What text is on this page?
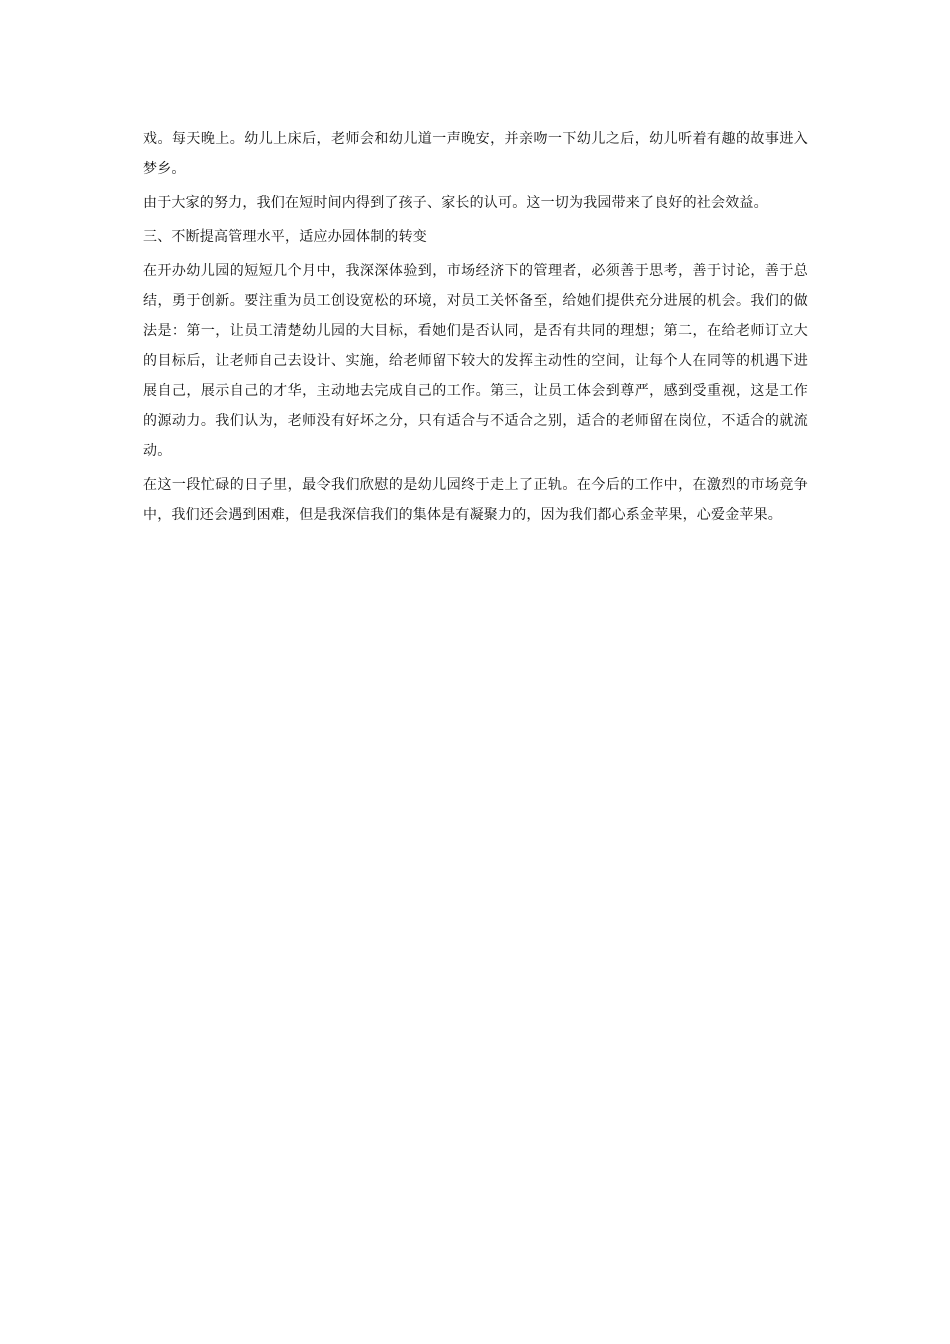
戏。每天晚上。幼儿上床后，老师会和幼儿道一声晚安，并亲吻一下幼儿之后，幼儿听着有趣的故事进入梦乡。

由于大家的努力，我们在短时间内得到了孩子、家长的认可。这一切为我园带来了良好的社会效益。

三、不断提高管理水平，适应办园体制的转变

在开办幼儿园的短短几个月中，我深深体验到，市场经济下的管理者，必须善于思考，善于讨论，善于总结，勇于创新。要注重为员工创设宽松的环境，对员工关怀备至，给她们提供充分进展的机会。我们的做法是：第一，让员工清楚幼儿园的大目标，看她们是否认同，是否有共同的理想；第二，在给老师订立大的目标后，让老师自己去设计、实施，给老师留下较大的发挥主动性的空间，让每个人在同等的机遇下进展自己，展示自己的才华，主动地去完成自己的工作。第三，让员工体会到尊严，感到受重视，这是工作的源动力。我们认为，老师没有好坏之分，只有适合与不适合之别，适合的老师留在岗位，不适合的就流动。

在这一段忙碌的日子里，最令我们欣慰的是幼儿园终于走上了正轨。在今后的工作中，在激烈的市场竞争中，我们还会遇到困难，但是我深信我们的集体是有凝聚力的，因为我们都心系金苹果，心爱金苹果。
